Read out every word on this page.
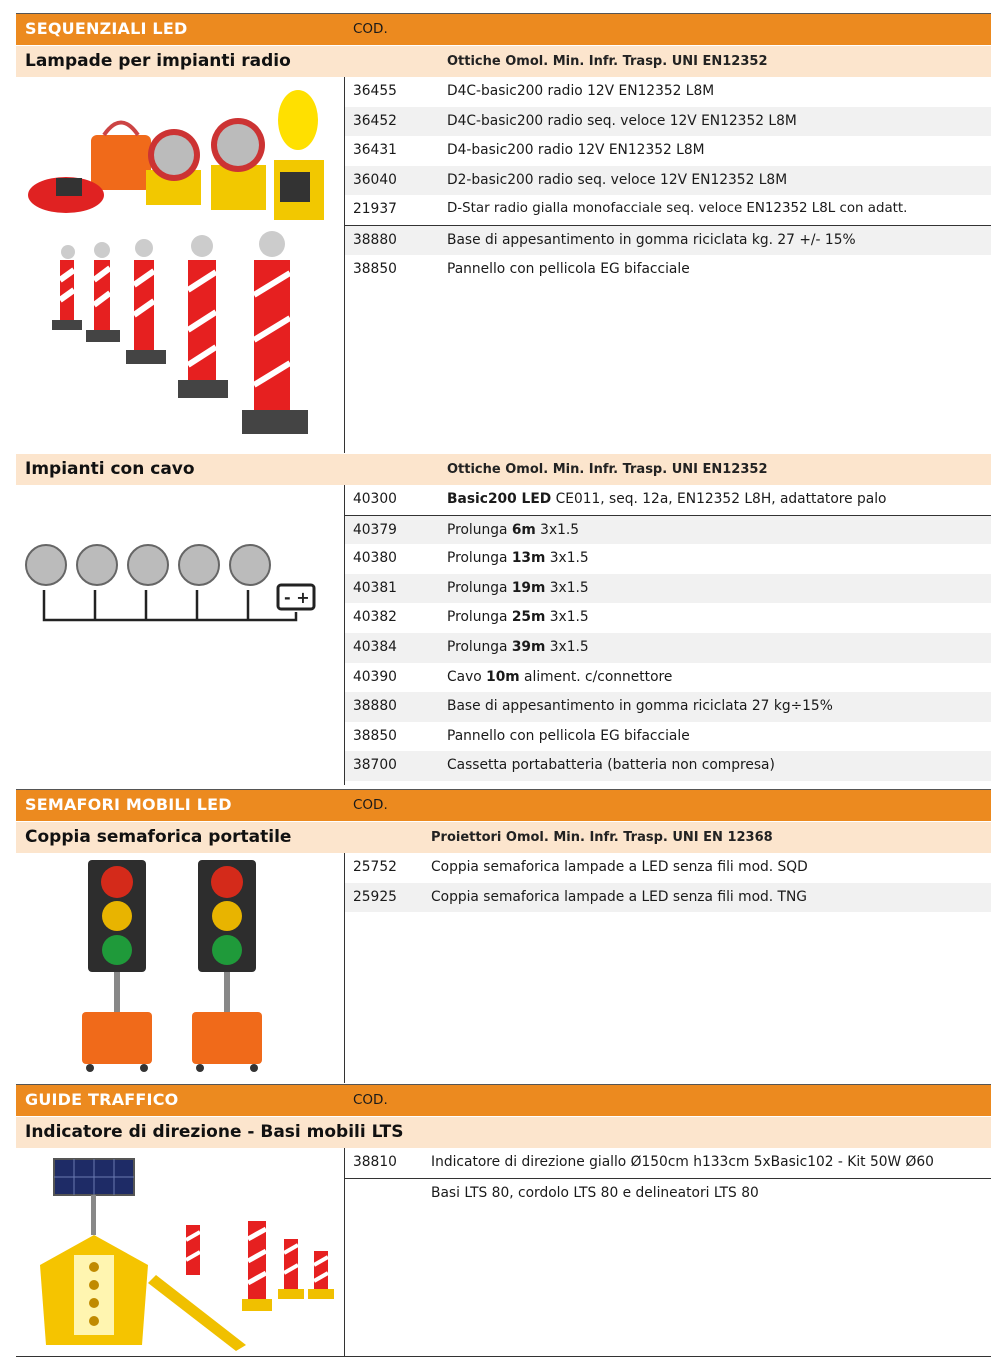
SEQUENZIALI LED	COD.
Lampade per impianti radio	Ottiche Omol. Min. Infr. Trasp. UNI EN12352
36455	D4C-basic200 radio 12V EN12352 L8M
36452	D4C-basic200 radio seq. veloce 12V EN12352 L8M
36431	D4-basic200 radio 12V EN12352 L8M
36040	D2-basic200 radio seq. veloce 12V EN12352 L8M
21937	D-Star radio gialla monofacciale seq. veloce EN12352 L8L con adatt.
38880	Base di appesantimento in gomma riciclata kg. 27 +/- 15%
38850	Pannello con pellicola EG bifacciale
Impianti con cavo	Ottiche Omol. Min. Infr. Trasp. UNI EN12352
- +
40300	Basic200 LED CE011, seq. 12a, EN12352 L8H, adattatore palo
40379	Prolunga 6m 3x1.5
40380	Prolunga 13m 3x1.5
40381	Prolunga 19m 3x1.5
40382	Prolunga 25m 3x1.5
40384	Prolunga 39m 3x1.5
40390	Cavo 10m aliment. c/connettore
38880	Base di appesantimento in gomma riciclata 27 kg÷15%
38850	Pannello con pellicola EG bifacciale
38700	Cassetta portabatteria (batteria non compresa)
SEMAFORI MOBILI LED	COD.
Coppia semaforica portatile	Proiettori Omol. Min. Infr. Trasp. UNI EN 12368
25752 Coppia semaforica lampade a LED senza fili mod. SQD
25925 Coppia semaforica lampade a LED senza fili mod. TNG
GUIDE TRAFFICO	COD.
Indicatore di direzione - Basi mobili LTS
38810 Indicatore di direzione giallo Ø150cm h133cm 5xBasic102 - Kit 50W Ø60
Basi LTS 80, cordolo LTS 80 e delineatori LTS 80
